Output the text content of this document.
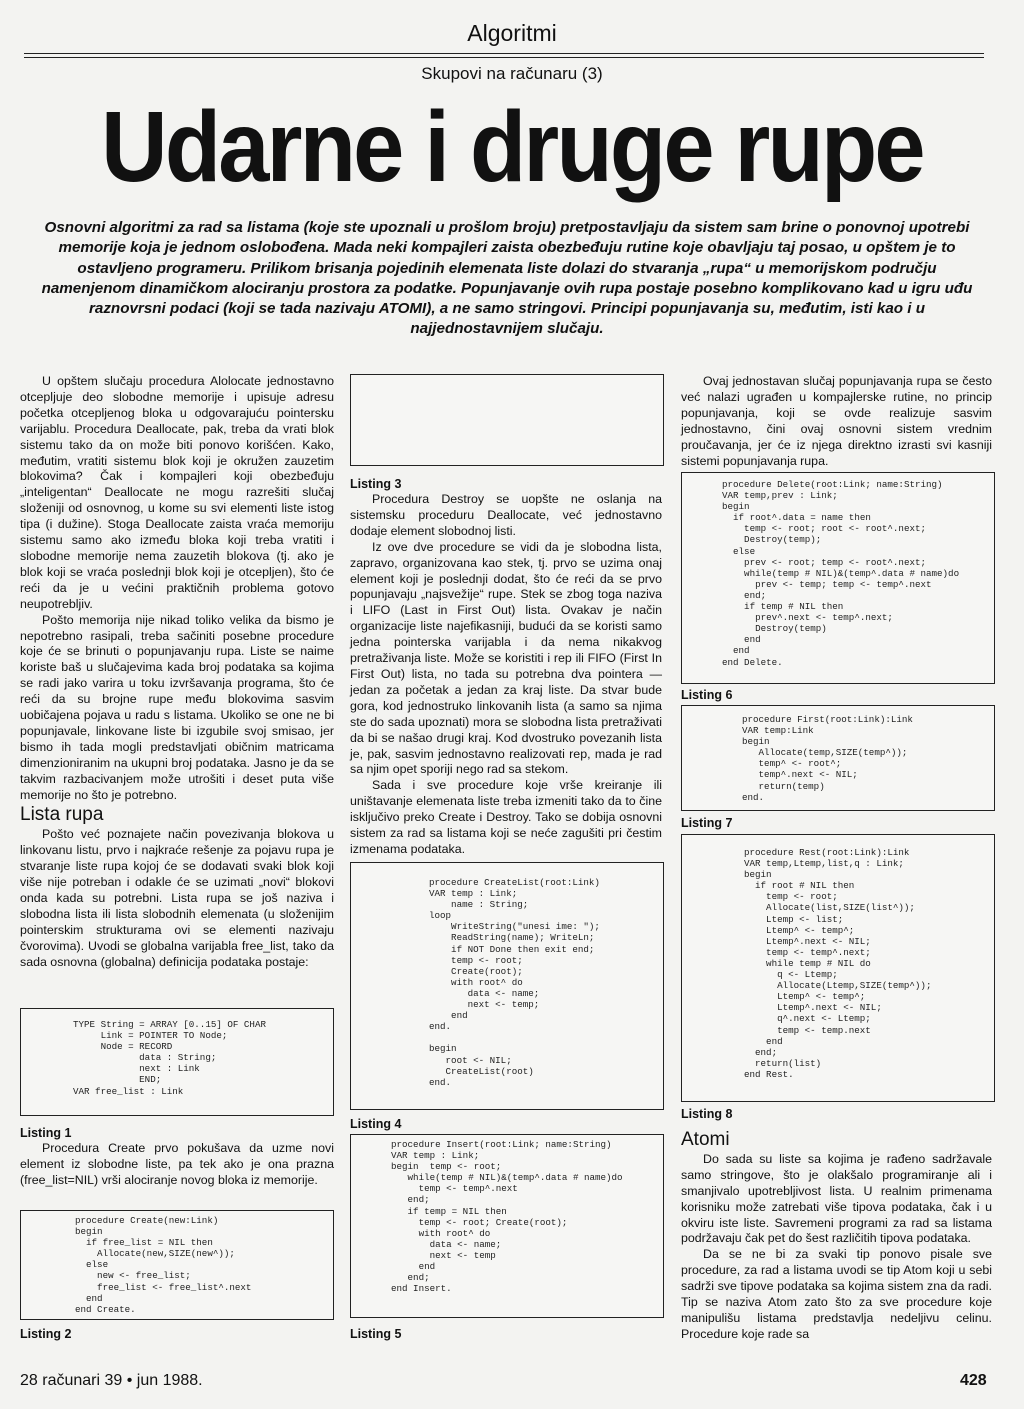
Algoritmi
Skupovi na računaru (3)
Udarne i druge rupe
Osnovni algoritmi za rad sa listama (koje ste upoznali u prošlom broju) pretpostavljaju da sistem sam brine o ponovnoj upotrebi memorije koja je jednom oslobođena. Mada neki kompajleri zaista obezbeđuju rutine koje obavljaju taj posao, u opštem je to ostavljeno programeru. Prilikom brisanja pojedinih elemenata liste dolazi do stvaranja „rupa“ u memorijskom području namenjenom dinamičkom alociranju prostora za podatke. Popunjavanje ovih rupa postaje posebno komplikovano kad u igru uđu raznovrsni podaci (koji se tada nazivaju ATOMI), a ne samo stringovi. Principi popunjavanja su, međutim, isti kao i u najjednostavnijem slučaju.

U opštem slučaju procedura Alolocate jednostavno otcepljuje deo slobodne memorije i upisuje adresu početka otcepljenog bloka u odgovarajuću pointersku varijablu. Procedura Deallocate, pak, treba da vrati blok sistemu tako da on može biti ponovo korišćen. Kako, međutim, vratiti sistemu blok koji je okružen zauzetim blokovima? Čak i kompajleri koji obezbeđuju „inteligentan“ Deallocate ne mogu razrešiti slučaj složeniji od osnovnog, u kome su svi elementi liste istog tipa (i dužine). Stoga Deallocate zaista vraća memoriju sistemu samo ako između bloka koji treba vratiti i slobodne memorije nema zauzetih blokova (tj. ako je blok koji se vraća poslednji blok koji je otcepljen), što će reći da je u većini praktičnih problema gotovo neupotrebljiv.

Pošto memorija nije nikad toliko velika da bismo je nepotrebno rasipali, treba sačiniti posebne procedure koje će se brinuti o popunjavanju rupa. Liste se naime koriste baš u slučajevima kada broj podataka sa kojima se radi jako varira u toku izvršavanja programa, što će reći da su brojne rupe među blokovima sasvim uobičajena pojava u radu s listama. Ukoliko se one ne bi popunjavale, linkovane liste bi izgubile svoj smisao, jer bismo ih tada mogli predstavljati običnim matricama dimenzioniranim na ukupni broj podataka. Jasno je da se takvim razbacivanjem može utrošiti i deset puta više memorije no što je potrebno.

Lista rupa

Pošto već poznajete način povezivanja blokova u linkovanu listu, prvo i najkraće rešenje za pojavu rupa je stvaranje liste rupa kojoj će se dodavati svaki blok koji više nije potreban i odakle će se uzimati „novi“ blokovi onda kada su potrebni. Lista rupa se još naziva i slobodna lista ili lista slobodnih elemenata (u složenijim pointerskim strukturama ovi se elementi nazivaju čvorovima). Uvodi se globalna varijabla free_list, tako da sada osnovna (globalna) definicija podataka postaje:

TYPE String = ARRAY [0..15] OF CHAR
Link = POINTER TO Node;
Node = RECORD
data : String;
next : Link
END;
VAR free_list : Link
Listing 1

Procedura Create prvo pokušava da uzme novi element iz slobodne liste, pa tek ako je ona prazna (free_list=NIL) vrši alociranje novog bloka iz memorije.

procedure Create(new:Link)
begin
if free_list = NIL then
Allocate(new,SIZE(new^));
else
new <- free_list;
free_list <- free_list^.next
end
end Create.
Listing 2
Listing 3

Procedura Destroy se uopšte ne oslanja na sistemsku proceduru Deallocate, već jednostavno dodaje element slobodnoj listi.

Iz ove dve procedure se vidi da je slobodna lista, zapravo, organizovana kao stek, tj. prvo se uzima onaj element koji je poslednji dodat, što će reći da se prvo popunjavaju „najsvežije“ rupe. Stek se zbog toga naziva i LIFO (Last in First Out) lista. Ovakav je način organizacije liste najefikasniji, budući da se koristi samo jedna pointerska varijabla i da nema nikakvog pretraživanja liste. Može se koristiti i rep ili FIFO (First In First Out) lista, no tada su potrebna dva pointera — jedan za početak a jedan za kraj liste. Da stvar bude gora, kod jednostruko linkovanih lista (a samo sa njima ste do sada upoznati) mora se slobodna lista pretraživati da bi se našao drugi kraj. Kod dvostruko povezanih lista je, pak, sasvim jednostavno realizovati rep, mada je rad sa njim opet sporiji nego rad sa stekom.

Sada i sve procedure koje vrše kreiranje ili uništavanje elemenata liste treba izmeniti tako da to čine isključivo preko Create i Destroy. Tako se dobija osnovni sistem za rad sa listama koji se neće zagušiti pri čestim izmenama podataka.

procedure CreateList(root:Link)
VAR temp : Link;
name : String;
loop
WriteString("unesi ime: ");
ReadString(name); WriteLn;
if NOT Done then exit end;
temp <- root;
Create(root);
with root^ do
data <- name;
next <- temp;
end
end.

begin
root <- NIL;
CreateList(root)
end.
Listing 4
procedure Insert(root:Link; name:String)
VAR temp : Link;
begin  temp <- root;
while(temp # NIL)&(temp^.data # name)do
temp <- temp^.next
end;
if temp = NIL then
temp <- root; Create(root);
with root^ do
data <- name;
next <- temp
end
end;
end Insert.
Listing 5

Ovaj jednostavan slučaj popunjavanja rupa se često već nalazi ugrađen u kompajlerske rutine, no princip popunjavanja, koji se ovde realizuje sasvim jednostavno, čini ovaj osnovni sistem vrednim proučavanja, jer će iz njega direktno izrasti svi kasniji sistemi popunjavanja rupa.

procedure Delete(root:Link; name:String)
VAR temp,prev : Link;
begin
if root^.data = name then
temp <- root; root <- root^.next;
Destroy(temp);
else
prev <- root; temp <- root^.next;
while(temp # NIL)&(temp^.data # name)do
prev <- temp; temp <- temp^.next
end;
if temp # NIL then
prev^.next <- temp^.next;
Destroy(temp)
end
end
end Delete.
Listing 6
procedure First(root:Link):Link
VAR temp:Link
begin
Allocate(temp,SIZE(temp^));
temp^ <- root^;
temp^.next <- NIL;
return(temp)
end.
Listing 7
procedure Rest(root:Link):Link
VAR temp,Ltemp,list,q : Link;
begin
if root # NIL then
temp <- root;
Allocate(list,SIZE(list^));
Ltemp <- list;
Ltemp^ <- temp^;
Ltemp^.next <- NIL;
temp <- temp^.next;
while temp # NIL do
q <- Ltemp;
Allocate(Ltemp,SIZE(temp^));
Ltemp^ <- temp^;
Ltemp^.next <- NIL;
q^.next <- Ltemp;
temp <- temp.next
end
end;
return(list)
end Rest.
Listing 8
Atomi

Do sada su liste sa kojima je rađeno sadržavale samo stringove, što je olakšalo programiranje ali i smanjivalo upotrebljivost lista. U realnim primenama korisniku može zatrebati više tipova podataka, čak i u okviru iste liste. Savremeni programi za rad sa listama podržavaju čak pet do šest različitih tipova podataka.

Da se ne bi za svaki tip ponovo pisale sve procedure, za rad a listama uvodi se tip Atom koji u sebi sadrži sve tipove podataka sa kojima sistem zna da radi. Tip se naziva Atom zato što za sve procedure koje manipulišu listama predstavlja nedeljivu celinu. Procedure koje rade sa

28 računari 39 • jun 1988.	428
